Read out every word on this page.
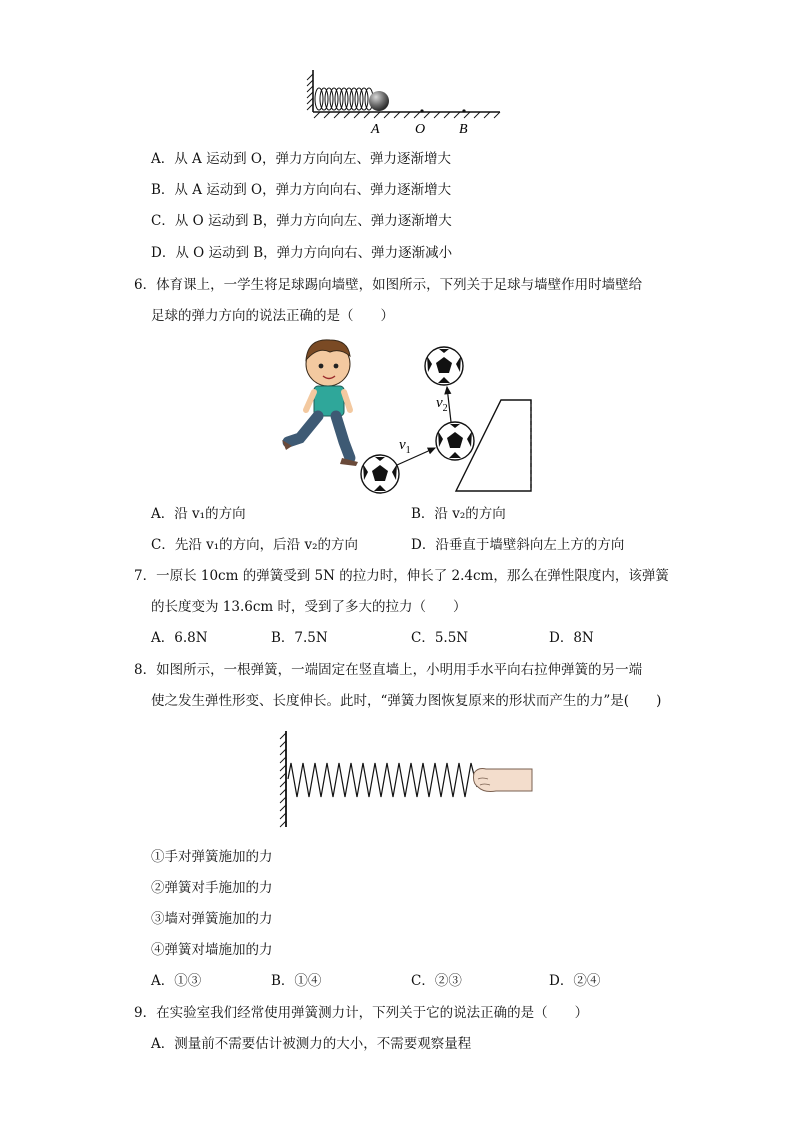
A	O B
A．从 A 运动到 O，弹力方向向左、弹力逐渐增大
B．从 A 运动到 O，弹力方向向右、弹力逐渐增大
C．从 O 运动到 B，弹力方向向左、弹力逐渐增大
D．从 O 运动到 B，弹力方向向右、弹力逐渐减小
6．体育课上，一学生将足球踢向墙壁，如图所示，下列关于足球与墙壁作用时墙壁给
足球的弹力方向的说法正确的是（　　）
$v_1$
$v_2$
A．沿 v₁的方向	B．沿 v₂的方向
C．先沿 v₁的方向，后沿 v₂的方向	D．沿垂直于墙壁斜向左上方的方向
7．一原长 10cm 的弹簧受到 5N 的拉力时，伸长了 2.4cm，那么在弹性限度内，该弹簧
的长度变为 13.6cm 时，受到了多大的拉力（　　）
A．6.8N	B．7.5N	C．5.5N	D．8N
8．如图所示，一根弹簧，一端固定在竖直墙上，小明用手水平向右拉伸弹簧的另一端
使之发生弹性形变、长度伸长。此时，“弹簧力图恢复原来的形状而产生的力”是(　　)
①手对弹簧施加的力
②弹簧对手施加的力
③墙对弹簧施加的力
④弹簧对墙施加的力
A．①③	B．①④	C．②③	D．②④
9．在实验室我们经常使用弹簧测力计，下列关于它的说法正确的是（　　）
A．测量前不需要估计被测力的大小，不需要观察量程
